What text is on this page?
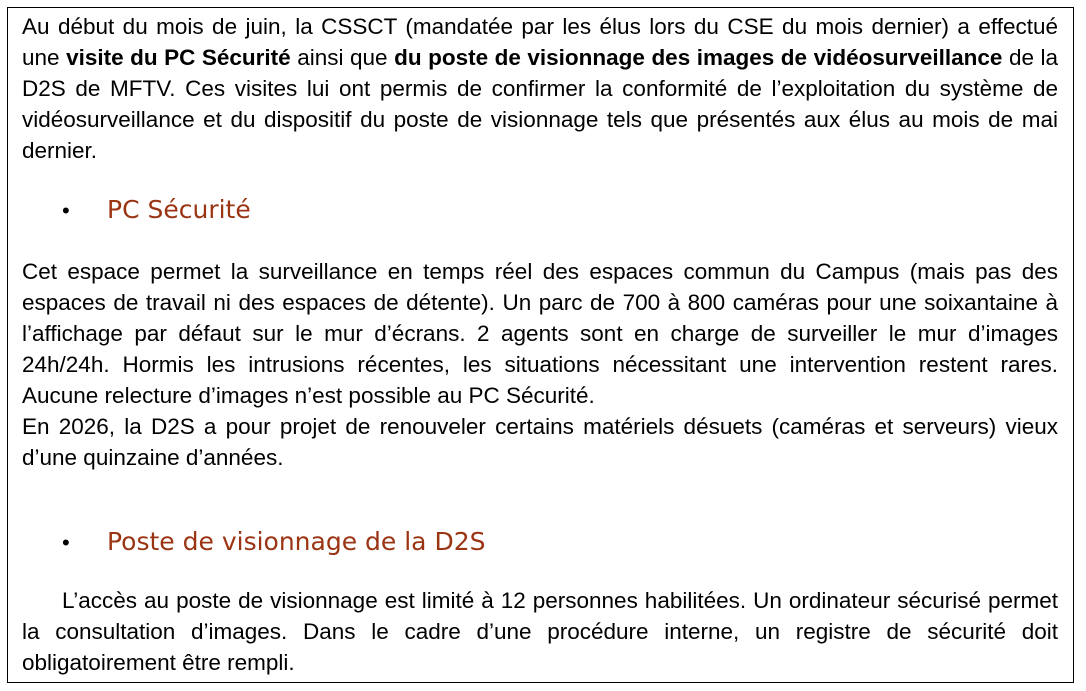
Au début du mois de juin, la CSSCT (mandatée par les élus lors du CSE du mois dernier) a effectué une visite du PC Sécurité ainsi que du poste de visionnage des images de vidéosurveillance de la D2S de MFTV. Ces visites lui ont permis de confirmer la conformité de l’exploitation du système de vidéosurveillance et du dispositif du poste de visionnage tels que présentés aux élus au mois de mai dernier.

• PC Sécurité

Cet espace permet la surveillance en temps réel des espaces commun du Campus (mais pas des espaces de travail ni des espaces de détente). Un parc de 700 à 800 caméras pour une soixantaine à l’affichage par défaut sur le mur d’écrans. 2 agents sont en charge de surveiller le mur d’images 24h/24h. Hormis les intrusions récentes, les situations nécessitant une intervention restent rares. Aucune relecture d’images n’est possible au PC Sécurité.
En 2026, la D2S a pour projet de renouveler certains matériels désuets (caméras et serveurs) vieux d’une quinzaine d’années.

• Poste de visionnage de la D2S

L’accès au poste de visionnage est limité à 12 personnes habilitées. Un ordinateur sécurisé permet la consultation d’images. Dans le cadre d’une procédure interne, un registre de sécurité doit obligatoirement être rempli.
